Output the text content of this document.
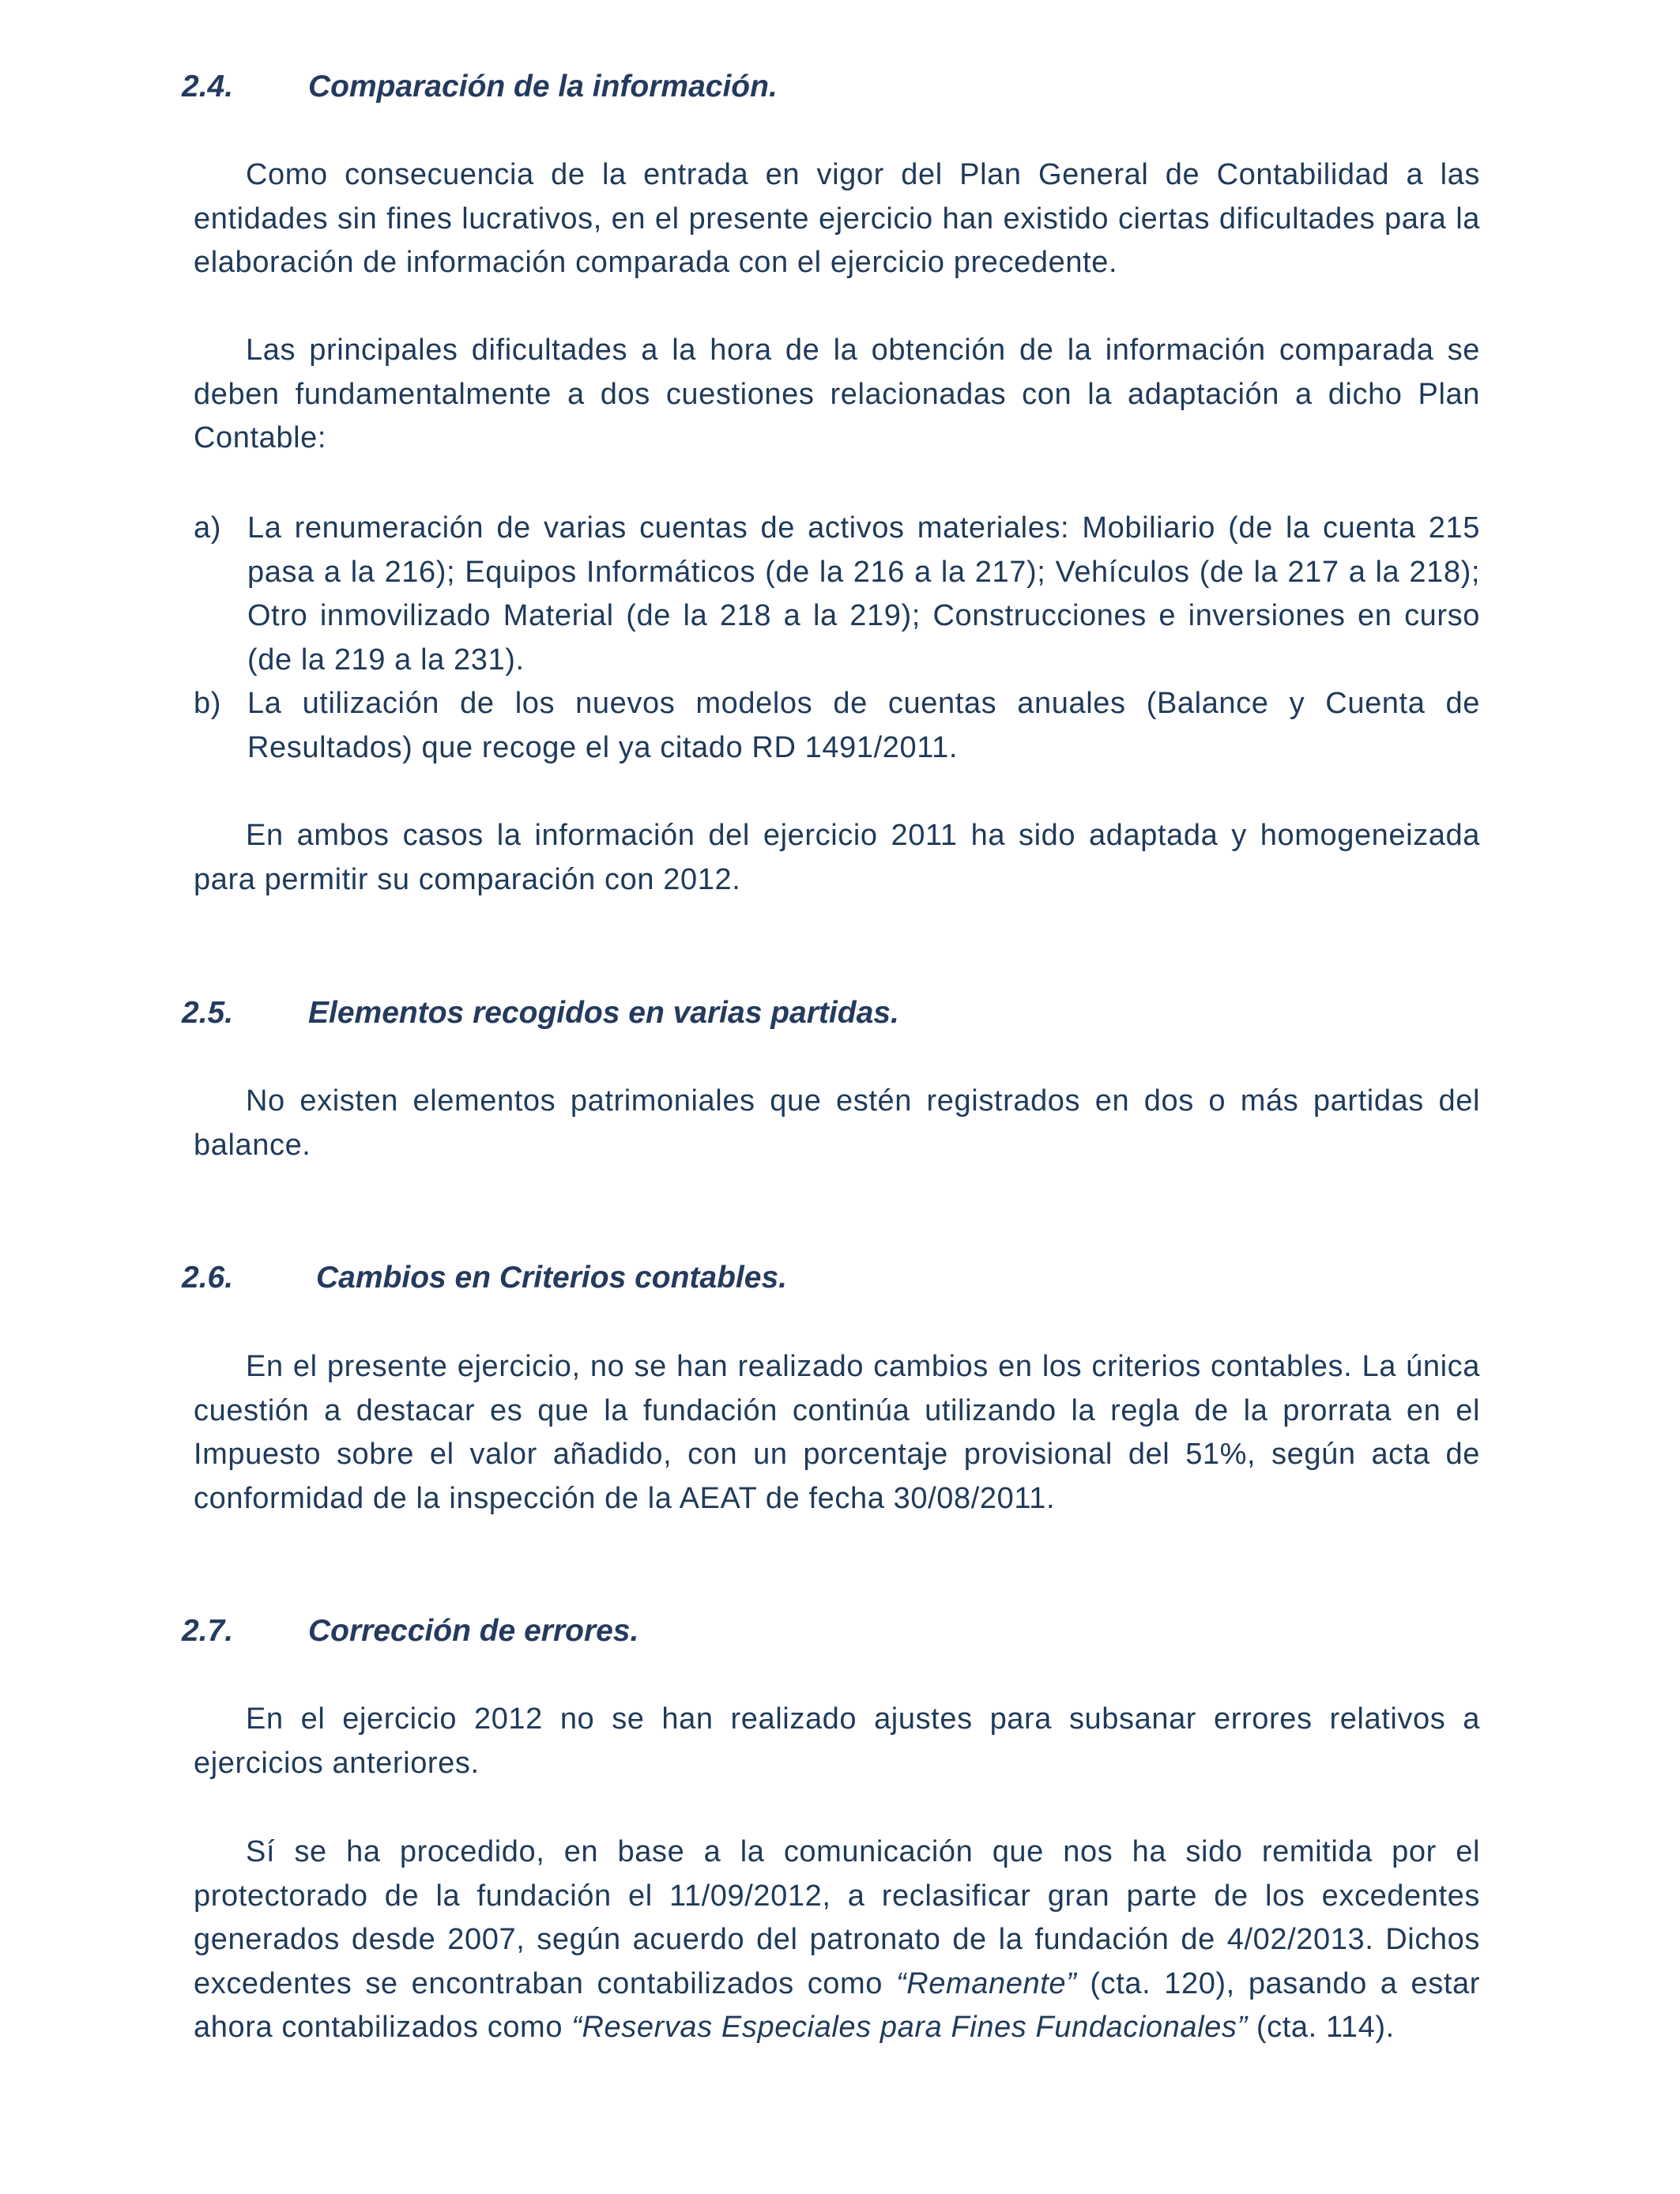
2.4. Comparación de la información.

Como consecuencia de la entrada en vigor del Plan General de Contabilidad a las entidades sin fines lucrativos, en el presente ejercicio han existido ciertas dificultades para la elaboración de información comparada con el ejercicio precedente.

Las principales dificultades a la hora de la obtención de la información comparada se deben fundamentalmente a dos cuestiones relacionadas con la adaptación a dicho Plan Contable:

a) La renumeración de varias cuentas de activos materiales: Mobiliario (de la cuenta 215 pasa a la 216); Equipos Informáticos (de la 216 a la 217); Vehículos (de la 217 a la 218); Otro inmovilizado Material (de la 218 a la 219); Construcciones e inversiones en curso (de la 219 a la 231).
b) La utilización de los nuevos modelos de cuentas anuales (Balance y Cuenta de Resultados) que recoge el ya citado RD 1491/2011.

En ambos casos la información del ejercicio 2011 ha sido adaptada y homogeneizada para permitir su comparación con 2012.

2.5. Elementos recogidos en varias partidas.

No existen elementos patrimoniales que estén registrados en dos o más partidas del balance.

2.6.	Cambios en Criterios contables.

En el presente ejercicio, no se han realizado cambios en los criterios contables. La única cuestión a destacar es que la fundación continúa utilizando la regla de la prorrata en el Impuesto sobre el valor añadido, con un porcentaje provisional del 51%, según acta de conformidad de la inspección de la AEAT de fecha 30/08/2011.

2.7. Corrección de errores.

En el ejercicio 2012 no se han realizado ajustes para subsanar errores relativos a ejercicios anteriores.

Sí se ha procedido, en base a la comunicación que nos ha sido remitida por el protectorado de la fundación el 11/09/2012, a reclasificar gran parte de los excedentes generados desde 2007, según acuerdo del patronato de la fundación de 4/02/2013. Dichos excedentes se encontraban contabilizados como “Remanente” (cta. 120), pasando a estar ahora contabilizados como “Reservas Especiales para Fines Fundacionales” (cta. 114).
